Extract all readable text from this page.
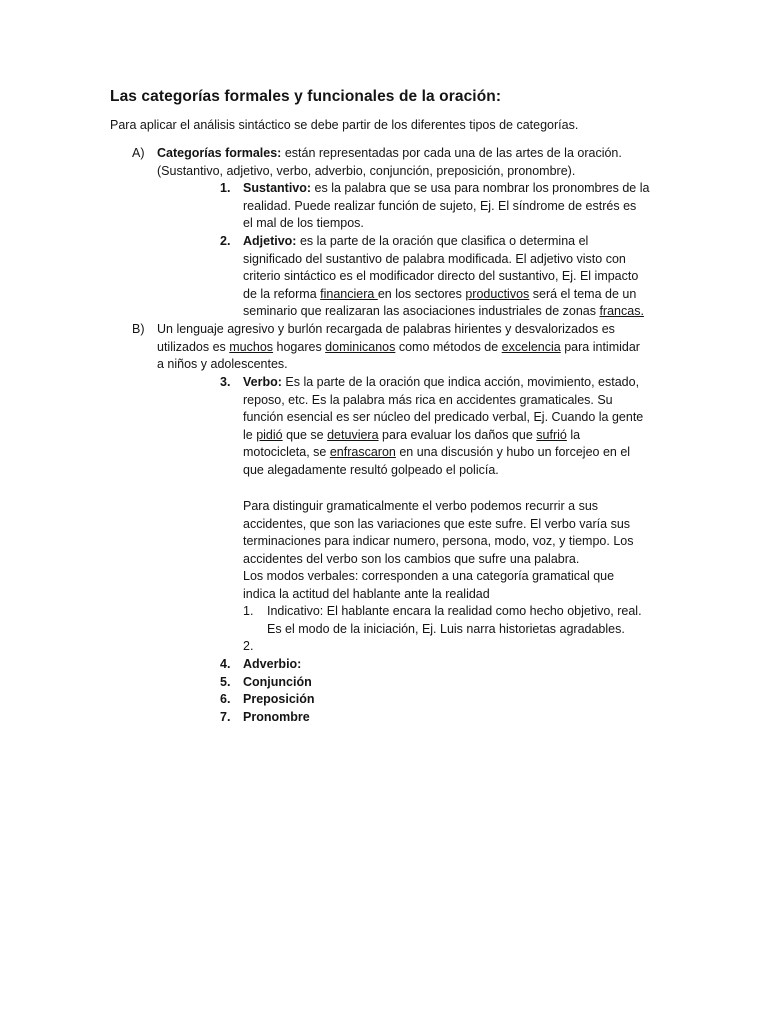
Las categorías formales y funcionales de la oración:
Para aplicar el análisis sintáctico se debe partir de los diferentes tipos de categorías.
A) Categorías formales: están representadas por cada una de las artes de la oración.
(Sustantivo, adjetivo, verbo, adverbio, conjunción, preposición, pronombre).
1. Sustantivo: es la palabra que se usa para nombrar los pronombres de la
realidad. Puede realizar función de sujeto, Ej. El síndrome de estrés es
el mal de los tiempos.
2. Adjetivo: es la parte de la oración que clasifica o determina el
significado del sustantivo de palabra modificada. El adjetivo visto con
criterio sintáctico es el modificador directo del sustantivo, Ej. El impacto
de la reforma financiera en los sectores productivos será el tema de un
seminario que realizaran las asociaciones industriales de zonas francas.
B) Un lenguaje agresivo y burlón recargada de palabras hirientes y desvalorizados es
utilizados es muchos hogares dominicanos como métodos de excelencia para intimidar
a niños y adolescentes.
3. Verbo: Es la parte de la oración que indica acción, movimiento, estado,
reposo, etc. Es la palabra más rica en accidentes gramaticales. Su
función esencial es ser núcleo del predicado verbal, Ej. Cuando la gente
le pidió que se detuviera para evaluar los daños que sufrió la
motocicleta, se enfrascaron en una discusión y hubo un forcejeo en el
que alegadamente resultó golpeado el policía.
Para distinguir gramaticalmente el verbo podemos recurrir a sus
accidentes, que son las variaciones que este sufre. El verbo varía sus
terminaciones para indicar numero, persona, modo, voz, y tiempo. Los
accidentes del verbo son los cambios que sufre una palabra.
Los modos verbales: corresponden a una categoría gramatical que
indica la actitud del hablante ante la realidad
1. Indicativo: El hablante encara la realidad como hecho objetivo, real.
Es el modo de la iniciación, Ej. Luis narra historietas agradables.
2.
4. Adverbio:
5. Conjunción
6. Preposición
7. Pronombre
